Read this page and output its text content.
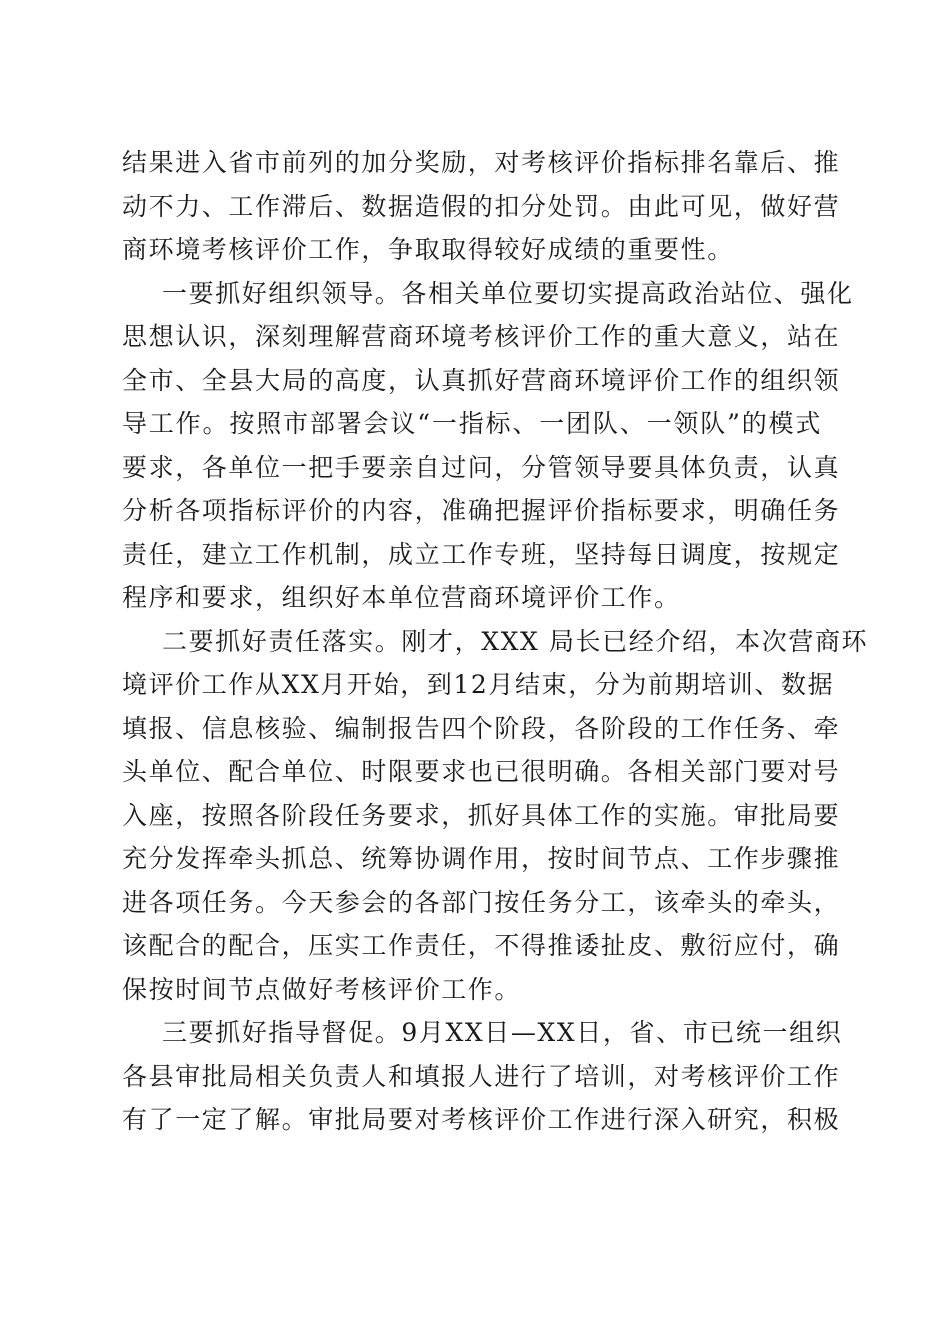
结果进入省市前列的加分奖励，对考核评价指标排名靠后、推
动不力、工作滞后、数据造假的扣分处罚。由此可见，做好营
商环境考核评价工作，争取取得较好成绩的重要性。
一要抓好组织领导。各相关单位要切实提高政治站位、强化
思想认识，深刻理解营商环境考核评价工作的重大意义，站在
全市、全县大局的高度，认真抓好营商环境评价工作的组织领
导工作。按照市部署会议“一指标、一团队、一领队”的模式
要求，各单位一把手要亲自过问，分管领导要具体负责，认真
分析各项指标评价的内容，准确把握评价指标要求，明确任务
责任，建立工作机制，成立工作专班，坚持每日调度，按规定
程序和要求，组织好本单位营商环境评价工作。
二要抓好责任落实。刚才，XXX 局长已经介绍，本次营商环
境评价工作从XX月开始，到12月结束，分为前期培训、数据
填报、信息核验、编制报告四个阶段，各阶段的工作任务、牵
头单位、配合单位、时限要求也已很明确。各相关部门要对号
入座，按照各阶段任务要求，抓好具体工作的实施。审批局要
充分发挥牵头抓总、统筹协调作用，按时间节点、工作步骤推
进各项任务。今天参会的各部门按任务分工，该牵头的牵头，
该配合的配合，压实工作责任，不得推诿扯皮、敷衍应付，确
保按时间节点做好考核评价工作。
三要抓好指导督促。9月XX日—XX日，省、市已统一组织
各县审批局相关负责人和填报人进行了培训，对考核评价工作
有了一定了解。审批局要对考核评价工作进行深入研究，积极
